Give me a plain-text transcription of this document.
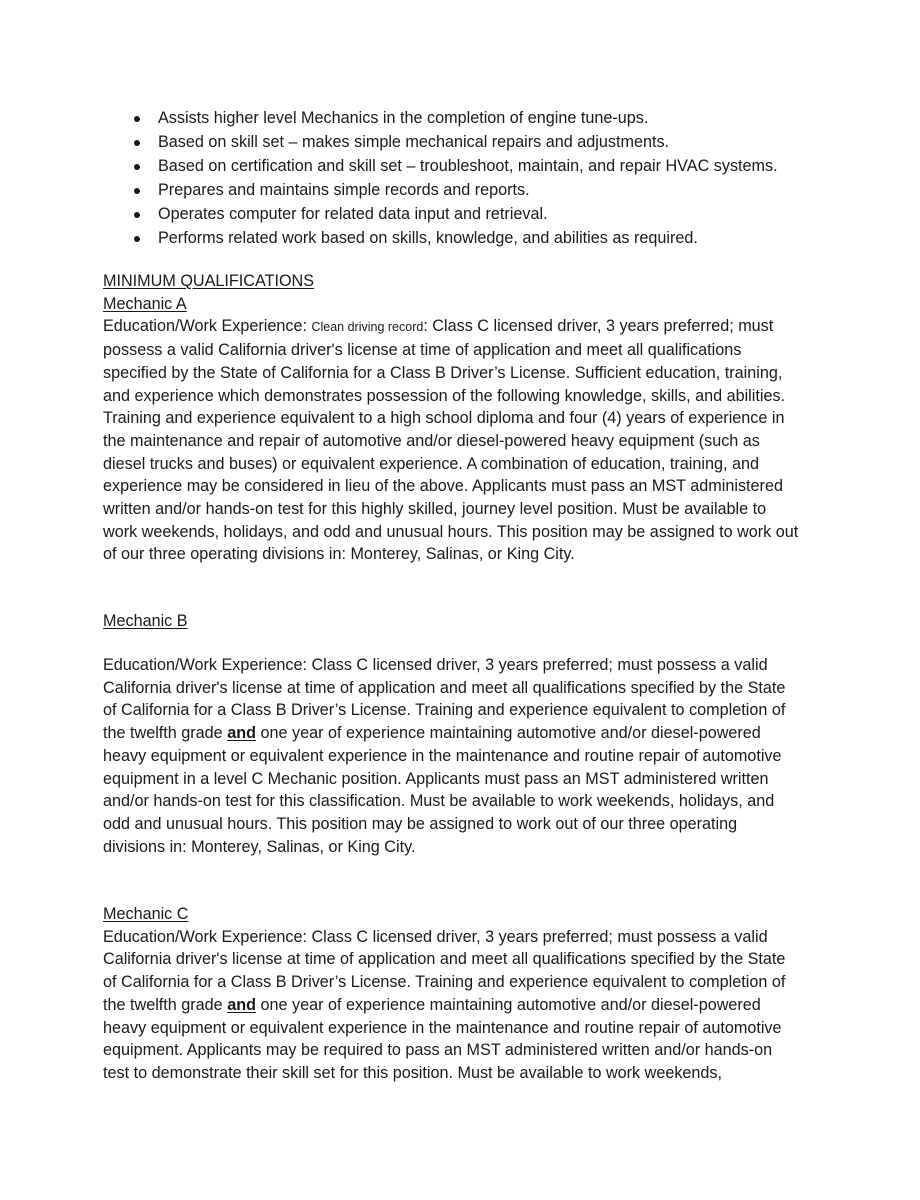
Assists higher level Mechanics in the completion of engine tune-ups.
Based on skill set – makes simple mechanical repairs and adjustments.
Based on certification and skill set – troubleshoot, maintain, and repair HVAC systems.
Prepares and maintains simple records and reports.
Operates computer for related data input and retrieval.
Performs related work based on skills, knowledge, and abilities as required.
MINIMUM QUALIFICATIONS
Mechanic A
Education/Work Experience: Clean driving record: Class C licensed driver, 3 years preferred; must
possess a valid California driver's license at time of application and meet all qualifications
specified by the State of California for a Class B Driver’s License. Sufficient education, training,
and experience which demonstrates possession of the following knowledge, skills, and abilities.
Training and experience equivalent to a high school diploma and four (4) years of experience in
the maintenance and repair of automotive and/or diesel-powered heavy equipment (such as
diesel trucks and buses) or equivalent experience. A combination of education, training, and
experience may be considered in lieu of the above. Applicants must pass an MST administered
written and/or hands-on test for this highly skilled, journey level position. Must be available to
work weekends, holidays, and odd and unusual hours. This position may be assigned to work out
of our three operating divisions in: Monterey, Salinas, or King City.
Mechanic B
Education/Work Experience: Class C licensed driver, 3 years preferred; must possess a valid
California driver's license at time of application and meet all qualifications specified by the State
of California for a Class B Driver’s License. Training and experience equivalent to completion of
the twelfth grade and one year of experience maintaining automotive and/or diesel-powered
heavy equipment or equivalent experience in the maintenance and routine repair of automotive
equipment in a level C Mechanic position. Applicants must pass an MST administered written
and/or hands-on test for this classification. Must be available to work weekends, holidays, and
odd and unusual hours. This position may be assigned to work out of our three operating
divisions in: Monterey, Salinas, or King City.
Mechanic C
Education/Work Experience: Class C licensed driver, 3 years preferred; must possess a valid
California driver's license at time of application and meet all qualifications specified by the State
of California for a Class B Driver’s License. Training and experience equivalent to completion of
the twelfth grade and one year of experience maintaining automotive and/or diesel-powered
heavy equipment or equivalent experience in the maintenance and routine repair of automotive
equipment. Applicants may be required to pass an MST administered written and/or hands-on
test to demonstrate their skill set for this position. Must be available to work weekends,
